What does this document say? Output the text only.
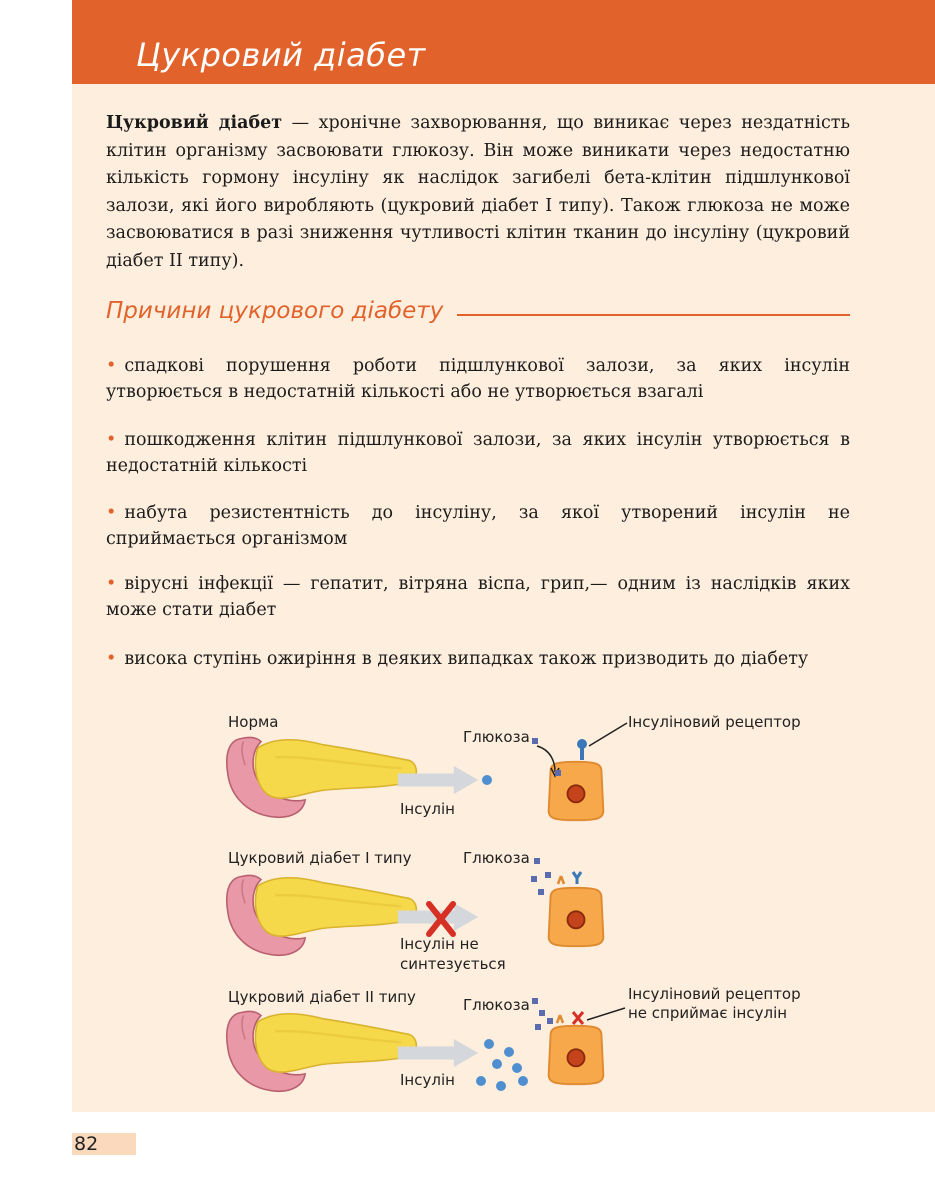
Цукровий діабет

Цукровий діабет — хронічне захворювання, що виникає через нездатність клітин організму засвоювати глюкозу. Він може виникати через недостатню кількість гормону інсуліну як наслідок загибелі бета-клітин підшлункової залози, які його виробляють (цукровий діабет І типу). Також глюкоза не може засвоюватися в разі зниження чутливості клітин тканин до інсуліну (цукровий діабет ІІ типу).

Причини цукрового діабету
• спадкові порушення роботи підшлункової залози, за яких інсулін утворюється в недостатній кількості або не утворюється взагалі
• пошкодження клітин підшлункової залози, за яких інсулін утворюється в недостатній кількості
• набута резистентність до інсуліну, за якої утворений інсулін не сприймається організмом
• вірусні інфекції — гепатит, вітряна віспа, грип,— одним із наслідків яких може стати діабет
• висока ступінь ожиріння в деяких випадках також призводить до діабету
Норма
Глюкоза
Інсуліновий рецептор
Інсулін
Цукровий діабет І типу	Глюкоза
Інсулін не
синтезується
Цукровий діабет ІІ типу	Глюкоза
Інсуліновий рецептор
не сприймає інсулін
Інсулін
82
